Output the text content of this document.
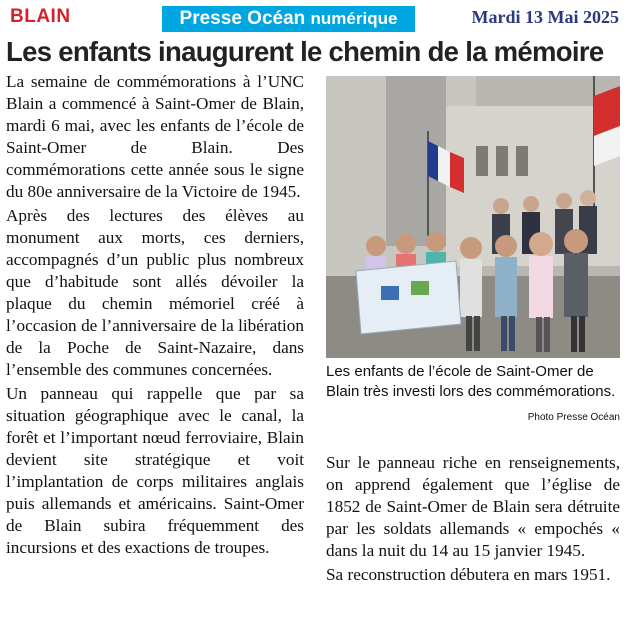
BLAIN	Presse Océan numérique	Mardi 13 Mai 2025
Les enfants inaugurent le chemin de la mémoire

La semaine de commémorations à l’UNC Blain a commencé à Saint-Omer de Blain, mardi 6 mai, avec les enfants de l’école de Saint-Omer de Blain. Des commémorations cette année sous le signe du 80e anniversaire de la Victoire de 1945.

Après des lectures des élèves au monument aux morts, ces derniers, accompagnés d’un public plus nombreux que d’habitude sont allés dévoiler la plaque du chemin mémoriel créé à l’occasion de l’anniversaire de la libération de la Poche de Saint-Nazaire, dans l’ensemble des communes concernées.

Un panneau qui rappelle que par sa situation géographique avec le canal, la forêt et l’important nœud ferroviaire, Blain devient site stratégique et voit l’implantation de corps militaires anglais puis allemands et américains. Saint-Omer de Blain subira fréquemment des incursions et des exactions de troupes.

Les enfants de l’école de Saint-Omer de Blain très investi lors des commémorations.
Photo Presse Océan

Sur le panneau riche en renseignements, on apprend également que l’église de 1852 de Saint-Omer de Blain sera détruite par les soldats allemands « empochés « dans la nuit du 14 au 15 janvier 1945.

Sa reconstruction débutera en mars 1951.
